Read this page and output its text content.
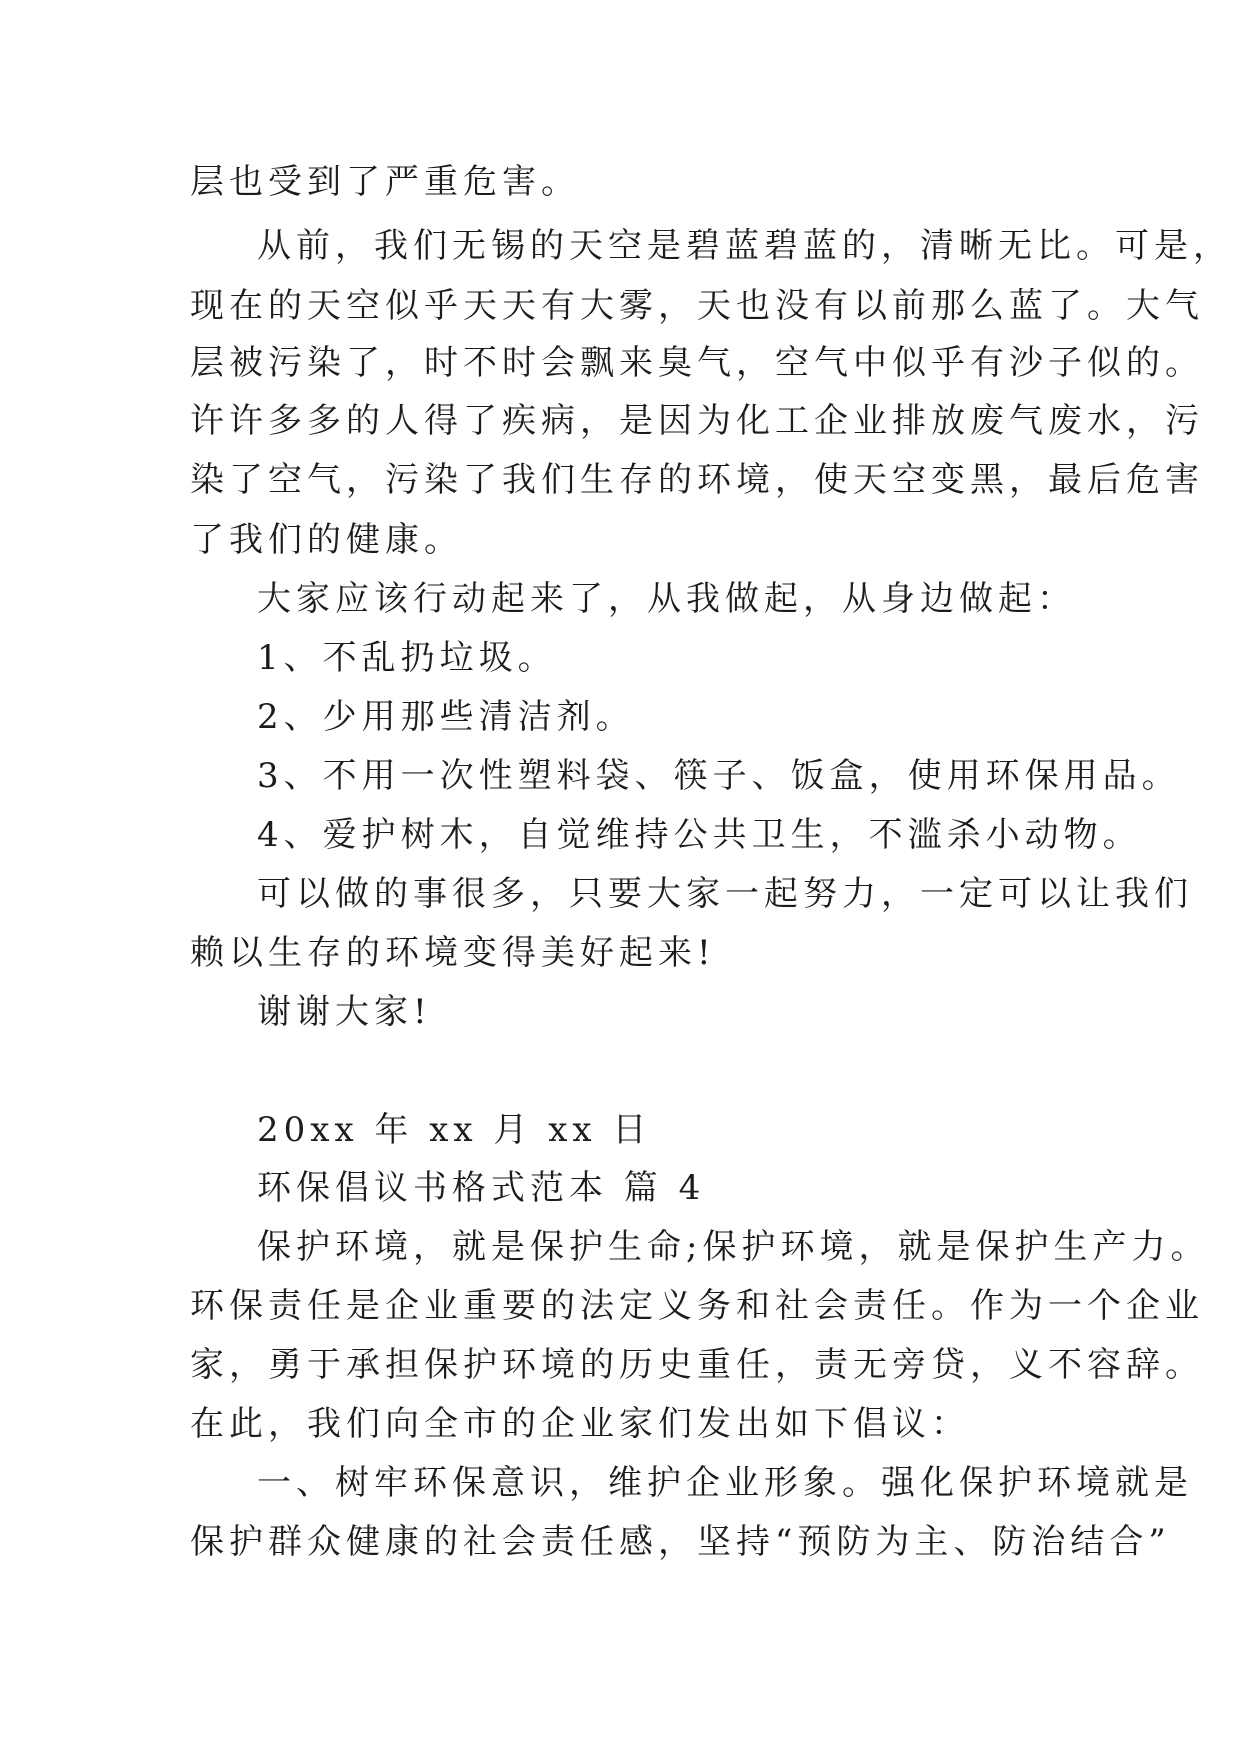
层也受到了严重危害。
从前，我们无锡的天空是碧蓝碧蓝的，清晰无比。可是，
现在的天空似乎天天有大雾，天也没有以前那么蓝了。大气
层被污染了，时不时会飘来臭气，空气中似乎有沙子似的。
许许多多的人得了疾病，是因为化工企业排放废气废水，污
染了空气，污染了我们生存的环境，使天空变黑，最后危害
了我们的健康。
大家应该行动起来了，从我做起，从身边做起：
1、不乱扔垃圾。
2、少用那些清洁剂。
3、不用一次性塑料袋、筷子、饭盒，使用环保用品。
4、爱护树木，自觉维持公共卫生，不滥杀小动物。
可以做的事很多，只要大家一起努力，一定可以让我们
赖以生存的环境变得美好起来!
谢谢大家!
20xx 年 xx 月 xx 日
环保倡议书格式范本 篇 4
保护环境，就是保护生命;保护环境，就是保护生产力。
环保责任是企业重要的法定义务和社会责任。作为一个企业
家，勇于承担保护环境的历史重任，责无旁贷，义不容辞。
在此，我们向全市的企业家们发出如下倡议：
一、树牢环保意识，维护企业形象。强化保护环境就是
保护群众健康的社会责任感，坚持“预防为主、防治结合”
